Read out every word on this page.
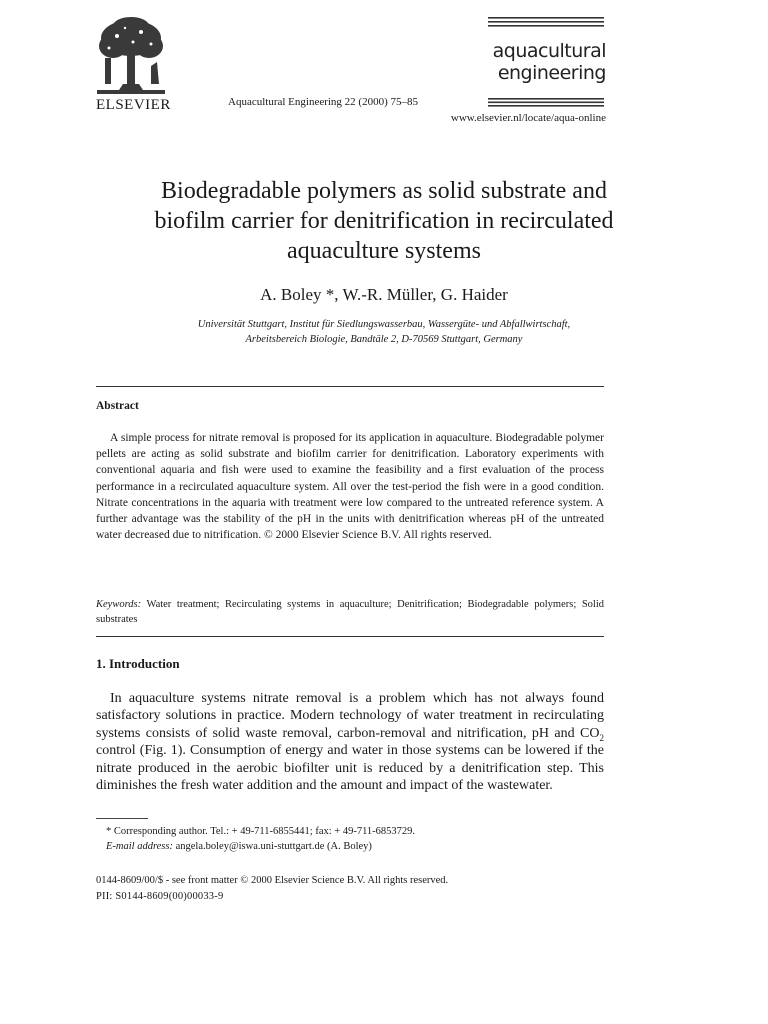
ELSEVIER	Aquacultural Engineering 22 (2000) 75–85
aquacultural
engineering
www.elsevier.nl/locate/aqua-online
Biodegradable polymers as solid substrate and
biofilm carrier for denitrification in recirculated
aquaculture systems
A. Boley *, W.-R. Müller, G. Haider
Universität Stuttgart, Institut für Siedlungswasserbau, Wassergüte- und Abfallwirtschaft,
Arbeitsbereich Biologie, Bandtäle 2, D-70569 Stuttgart, Germany
Abstract

A simple process for nitrate removal is proposed for its application in aquaculture. Biodegradable polymer pellets are acting as solid substrate and biofilm carrier for denitrification. Laboratory experiments with conventional aquaria and fish were used to examine the feasibility and a first evaluation of the process performance in a recirculated aquaculture system. All over the test-period the fish were in a good condition. Nitrate concentrations in the aquaria with treatment were low compared to the untreated reference system. A further advantage was the stability of the pH in the units with denitrification whereas pH of the untreated water decreased due to nitrification. © 2000 Elsevier Science B.V. All rights reserved.

Keywords: Water treatment; Recirculating systems in aquaculture; Denitrification; Biodegradable polymers; Solid substrates
1. Introduction

In aquaculture systems nitrate removal is a problem which has not always found satisfactory solutions in practice. Modern technology of water treatment in recirculating systems consists of solid waste removal, carbon-removal and nitrification, pH and $CO_2$ control (Fig. 1). Consumption of energy and water in those systems can be lowered if the nitrate produced in the aerobic biofilter unit is reduced by a denitrification step. This diminishes the fresh water addition and the amount and impact of the wastewater.

* Corresponding author. Tel.: + 49-711-6855441; fax: + 49-711-6853729.
E-mail address: angela.boley@iswa.uni-stuttgart.de (A. Boley)
0144-8609/00/$ - see front matter © 2000 Elsevier Science B.V. All rights reserved.
PII: S0144-8609(00)00033-9
